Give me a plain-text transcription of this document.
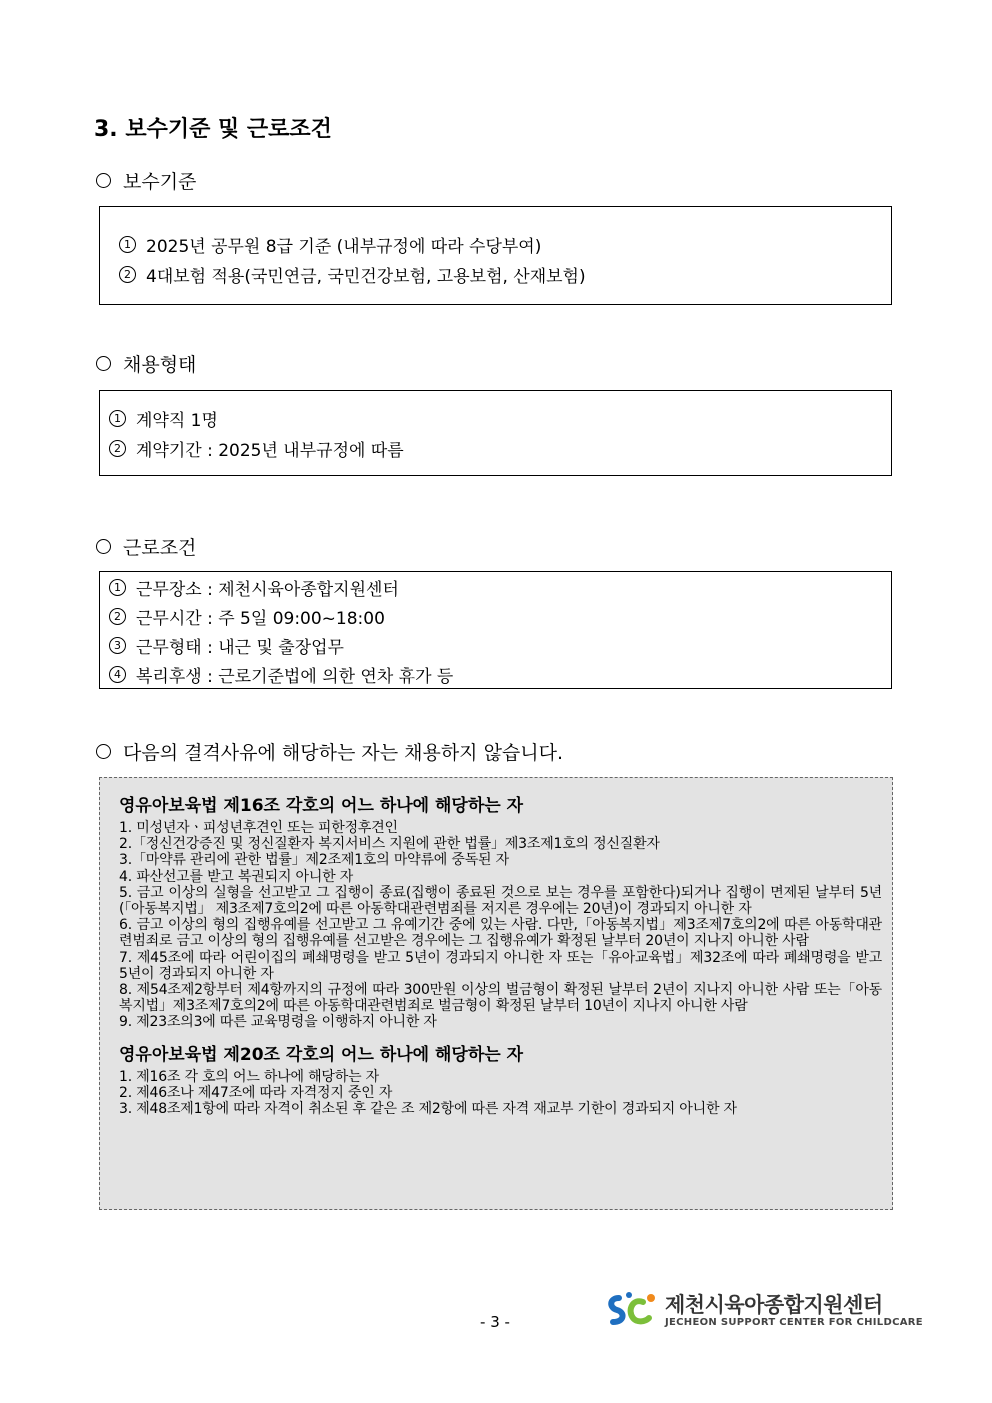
3. 보수기준 및 근로조건
보수기준
1 2025년 공무원 8급 기준 (내부규정에 따라 수당부여)
2 4대보험 적용(국민연금, 국민건강보험, 고용보험, 산재보험)
채용형태
1 계약직 1명
2 계약기간 : 2025년 내부규정에 따름
근로조건
1 근무장소 : 제천시육아종합지원센터
2 근무시간 : 주 5일 09:00~18:00
3 근무형태 : 내근 및 출장업무
4 복리후생 : 근로기준법에 의한 연차 휴가 등
다음의 결격사유에 해당하는 자는 채용하지 않습니다.

영유아보육법 제16조 각호의 어느 하나에 해당하는 자

1. 미성년자ㆍ피성년후견인 또는 피한정후견인

2.「정신건강증진 및 정신질환자 복지서비스 지원에 관한 법률」제3조제1호의 정신질환자

3.「마약류 관리에 관한 법률」제2조제1호의 마약류에 중독된 자

4. 파산선고를 받고 복권되지 아니한 자

5. 금고 이상의 실형을 선고받고 그 집행이 종료(집행이 종료된 것으로 보는 경우를 포함한다)되거나 집행이 면제된 날부터 5년(「아동복지법」 제3조제7호의2에 따른 아동학대관련범죄를 저지른 경우에는 20년)이 경과되지 아니한 자

6. 금고 이상의 형의 집행유예를 선고받고 그 유예기간 중에 있는 사람. 다만,「아동복지법」제3조제7호의2에 따른 아동학대관련범죄로 금고 이상의 형의 집행유예를 선고받은 경우에는 그 집행유예가 확정된 날부터 20년이 지나지 아니한 사람

7. 제45조에 따라 어린이집의 폐쇄명령을 받고 5년이 경과되지 아니한 자 또는「유아교육법」제32조에 따라 폐쇄명령을 받고 5년이 경과되지 아니한 자

8. 제54조제2항부터 제4항까지의 규정에 따라 300만원 이상의 벌금형이 확정된 날부터 2년이 지나지 아니한 사람 또는「아동복지법」제3조제7호의2에 따른 아동학대관련범죄로 벌금형이 확정된 날부터 10년이 지나지 아니한 사람

9. 제23조의3에 따른 교육명령을 이행하지 아니한 자

영유아보육법 제20조 각호의 어느 하나에 해당하는 자

1. 제16조 각 호의 어느 하나에 해당하는 자

2. 제46조나 제47조에 따라 자격정지 중인 자

3. 제48조제1항에 따라 자격이 취소된 후 같은 조 제2항에 따른 자격 재교부 기한이 경과되지 아니한 자

- 3 -
제천시육아종합지원센터
JECHEON SUPPORT CENTER FOR CHILDCARE
